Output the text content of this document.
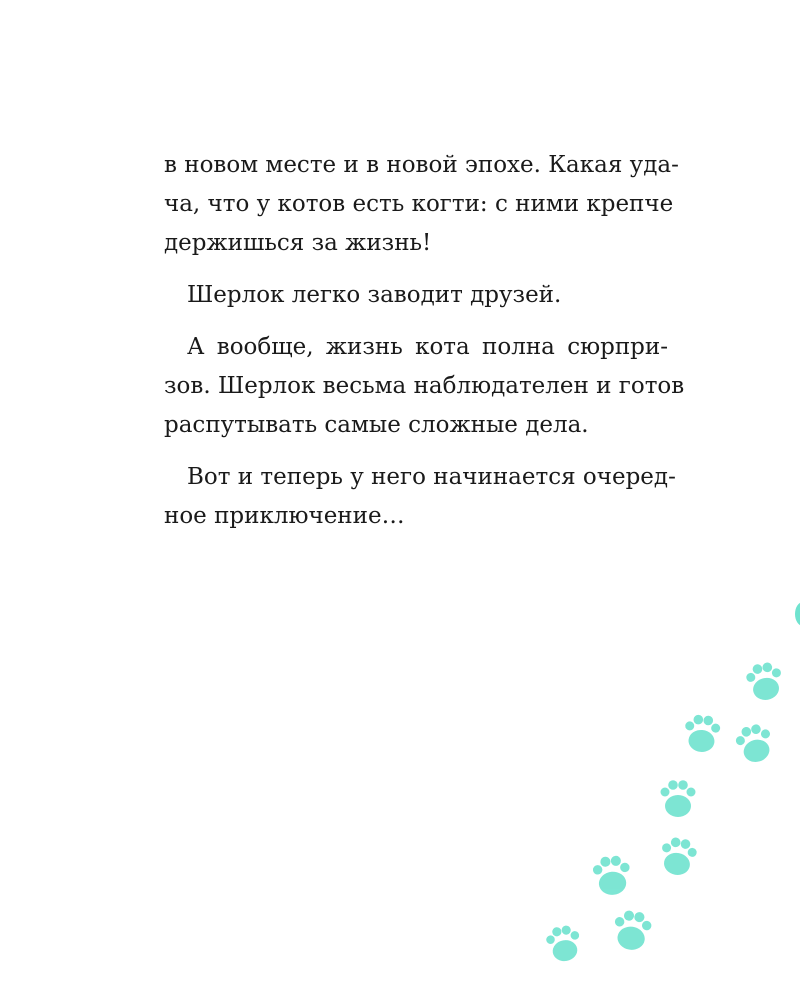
в новом месте и в новой эпохе. Какая уда-
ча, что у котов есть когти: с ними крепче
держишься за жизнь!

Шерлок легко заводит друзей.

А вообще, жизнь кота полна сюрпри-
зов. Шерлок весьма наблюдателен и готов
распутывать самые сложные дела.

Вот и теперь у него начинается очеред-
ное приключение…
